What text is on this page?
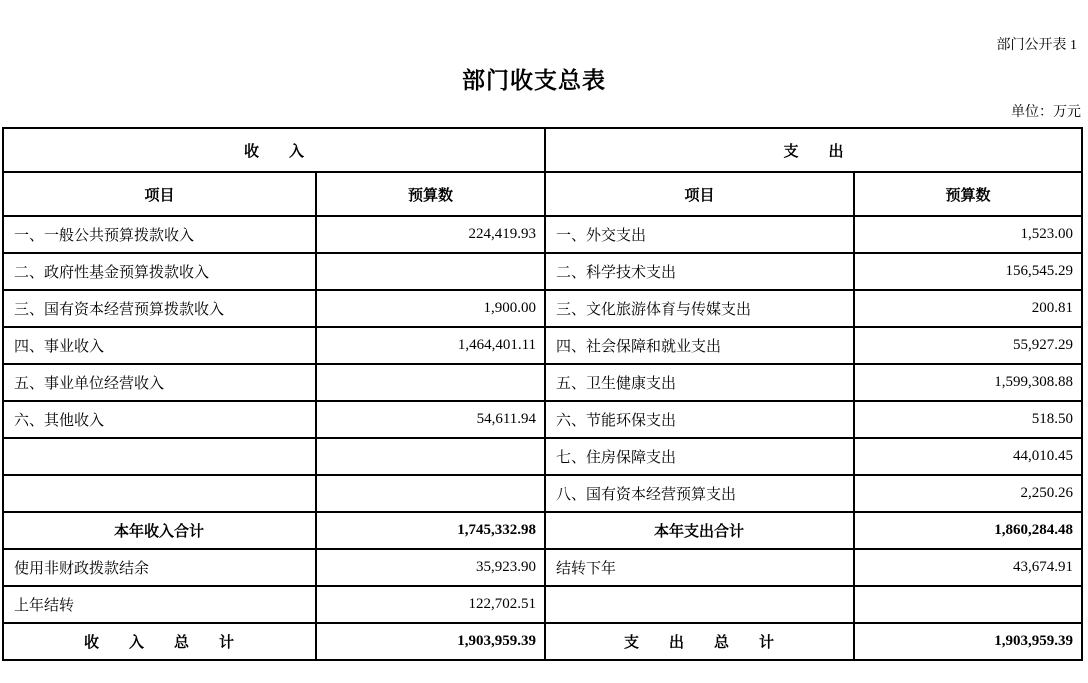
部门公开表 1
部门收支总表
单位：万元
收　　入		支　　出	
项目	预算数	项目	预算数
一、一般公共预算拨款收入	224,419.93	一、外交支出	1,523.00
二、政府性基金预算拨款收入		二、科学技术支出	156,545.29
三、国有资本经营预算拨款收入	1,900.00	三、文化旅游体育与传媒支出	200.81
四、事业收入	1,464,401.11	四、社会保障和就业支出	55,927.29
五、事业单位经营收入		五、卫生健康支出	1,599,308.88
六、其他收入	54,611.94	六、节能环保支出	518.50
		七、住房保障支出	44,010.45
		八、国有资本经营预算支出	2,250.26
本年收入合计	1,745,332.98	本年支出合计	1,860,284.48
使用非财政拨款结余	35,923.90	结转下年	43,674.91
上年结转	122,702.51		
收　　入　　总　　计	1,903,959.39	支　　出　　总　　计	1,903,959.39
